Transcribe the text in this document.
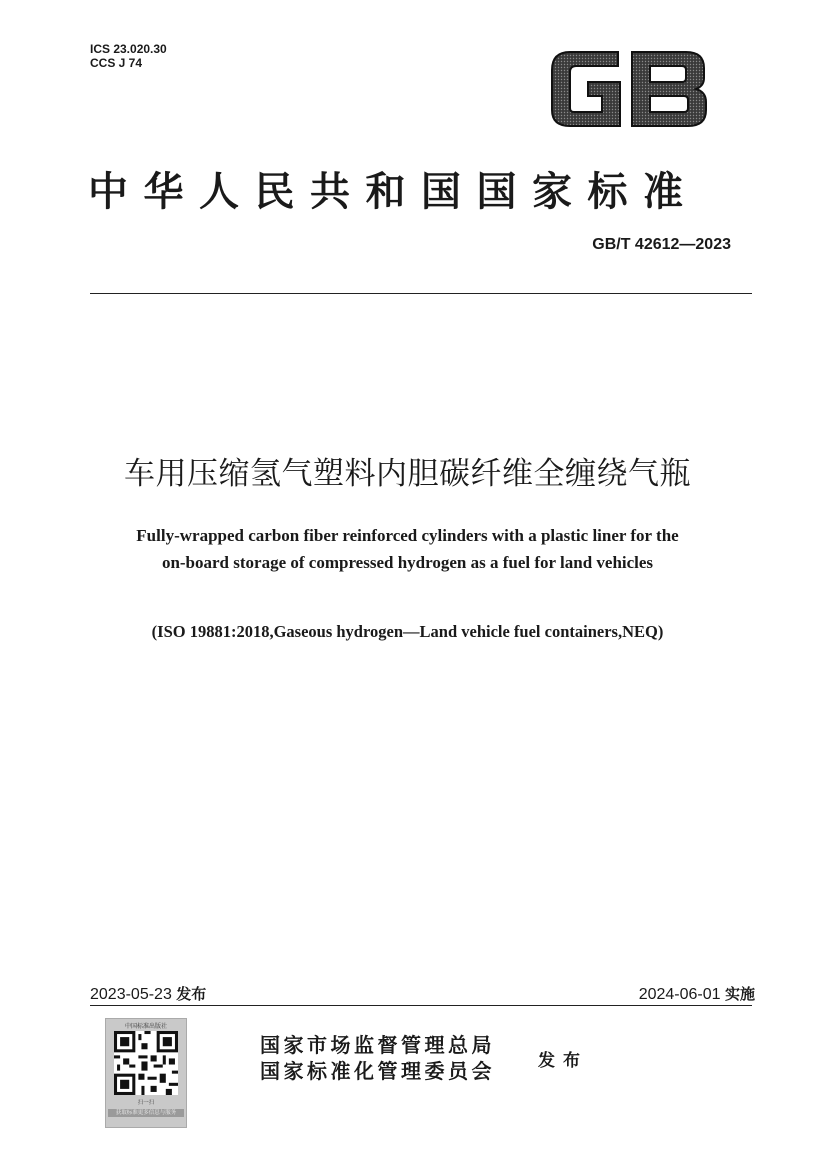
ICS 23.020.30
CCS J 74
中华人民共和国国家标准
GB/T 42612—2023
车用压缩氢气塑料内胆碳纤维全缠绕气瓶
Fully-wrapped carbon fiber reinforced cylinders with a plastic liner for the
on-board storage of compressed hydrogen as a fuel for land vehicles
(ISO 19881:2018,Gaseous hydrogen—Land vehicle fuel containers,NEQ)
2023-05-23 发布	2024-06-01 实施
中国标准出版社
扫一扫
获取标准更多信息与服务
国家市场监督管理总局
国家标准化管理委员会	发布
